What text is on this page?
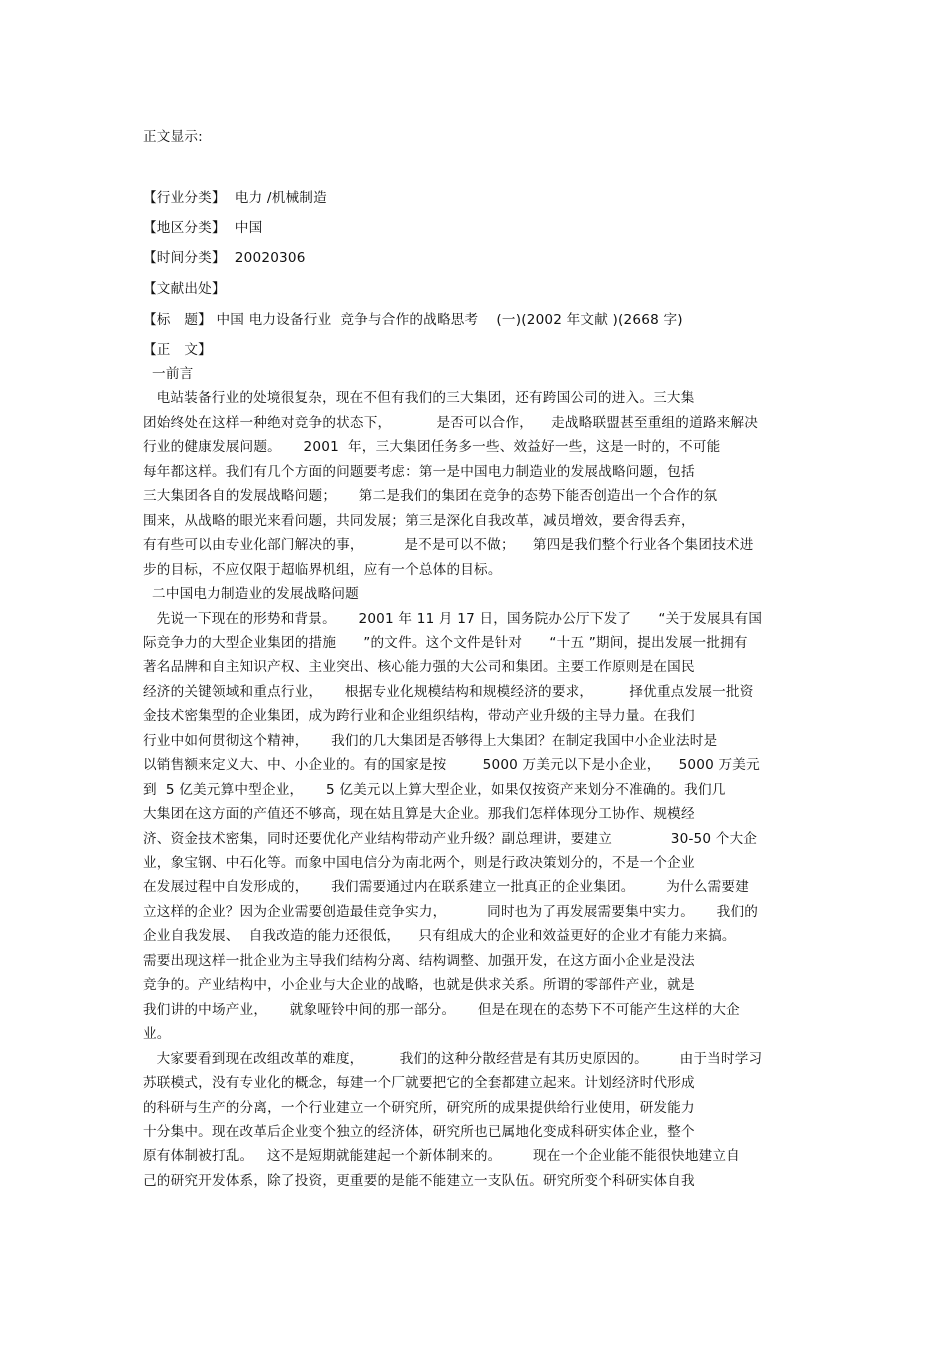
正文显示:
【行业分类】  电力 /机械制造
【地区分类】  中国
【时间分类】  20020306
【文献出处】
【标　题】 中国 电力设备行业  竞争与合作的战略思考    (一)(2002 年文献 )(2668 字)
【正　文】
一前言
电站装备行业的处境很复杂，现在不但有我们的三大集团，还有跨国公司的进入。三大集
团始终处在这样一种绝对竞争的状态下，          是否可以合作，    走战略联盟甚至重组的道路来解决
行业的健康发展问题。     2001  年，三大集团任务多一些、效益好一些，这是一时的，不可能
每年都这样。我们有几个方面的问题要考虑：第一是中国电力制造业的发展战略问题，包括
三大集团各自的发展战略问题；     第二是我们的集团在竞争的态势下能否创造出一个合作的氛
围来，从战略的眼光来看问题，共同发展；第三是深化自我改革，减员增效，要舍得丢弃，
有有些可以由专业化部门解决的事，         是不是可以不做；    第四是我们整个行业各个集团技术进
步的目标，不应仅限于超临界机组，应有一个总体的目标。
二中国电力制造业的发展战略问题
先说一下现在的形势和背景。     2001 年 11 月 17 日，国务院办公厅下发了      “关于发展具有国
际竞争力的大型企业集团的措施      ”的文件。这个文件是针对      “十五 ”期间，提出发展一批拥有
著名品牌和自主知识产权、主业突出、核心能力强的大公司和集团。主要工作原则是在国民
经济的关键领域和重点行业，     根据专业化规模结构和规模经济的要求，        择优重点发展一批资
金技术密集型的企业集团，成为跨行业和企业组织结构，带动产业升级的主导力量。在我们
行业中如何贯彻这个精神，     我们的几大集团是否够得上大集团？在制定我国中小企业法时是
以销售额来定义大、中、小企业的。有的国家是按        5000 万美元以下是小企业，    5000 万美元
到  5 亿美元算中型企业，     5 亿美元以上算大型企业，如果仅按资产来划分不准确的。我们几
大集团在这方面的产值还不够高，现在姑且算是大企业。那我们怎样体现分工协作、规模经
济、资金技术密集，同时还要优化产业结构带动产业升级？副总理讲，要建立             30-50 个大企
业，象宝钢、中石化等。而象中国电信分为南北两个，则是行政决策划分的，不是一个企业
在发展过程中自发形成的，     我们需要通过内在联系建立一批真正的企业集团。       为什么需要建
立这样的企业？因为企业需要创造最佳竞争实力，         同时也为了再发展需要集中实力。     我们的
企业自我发展、  自我改造的能力还很低，    只有组成大的企业和效益更好的企业才有能力来搞。
需要出现这样一批企业为主导我们结构分离、结构调整、加强开发，在这方面小企业是没法
竞争的。产业结构中，小企业与大企业的战略，也就是供求关系。所谓的零部件产业，就是
我们讲的中场产业，     就象哑铃中间的那一部分。     但是在现在的态势下不可能产生这样的大企
业。
大家要看到现在改组改革的难度，        我们的这种分散经营是有其历史原因的。       由于当时学习
苏联模式，没有专业化的概念，每建一个厂就要把它的全套都建立起来。计划经济时代形成
的科研与生产的分离，一个行业建立一个研究所，研究所的成果提供给行业使用，研发能力
十分集中。现在改革后企业变个独立的经济体，研究所也已属地化变成科研实体企业，整个
原有体制被打乱。   这不是短期就能建起一个新体制来的。       现在一个企业能不能很快地建立自
己的研究开发体系，除了投资，更重要的是能不能建立一支队伍。研究所变个科研实体自我
